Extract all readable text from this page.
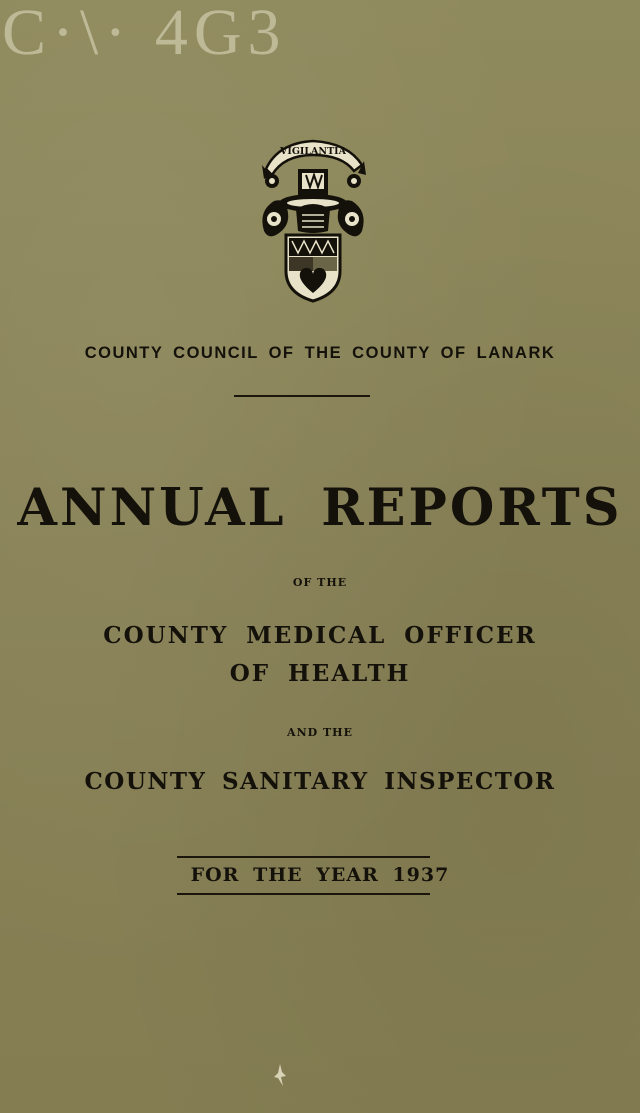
C·\· 4G3
VIGILANTIA
COUNTY COUNCIL OF THE COUNTY OF LANARK
ANNUAL REPORTS
OF THE
COUNTY MEDICAL OFFICER
OF HEALTH
AND THE
COUNTY SANITARY INSPECTOR
FOR THE YEAR 1937
